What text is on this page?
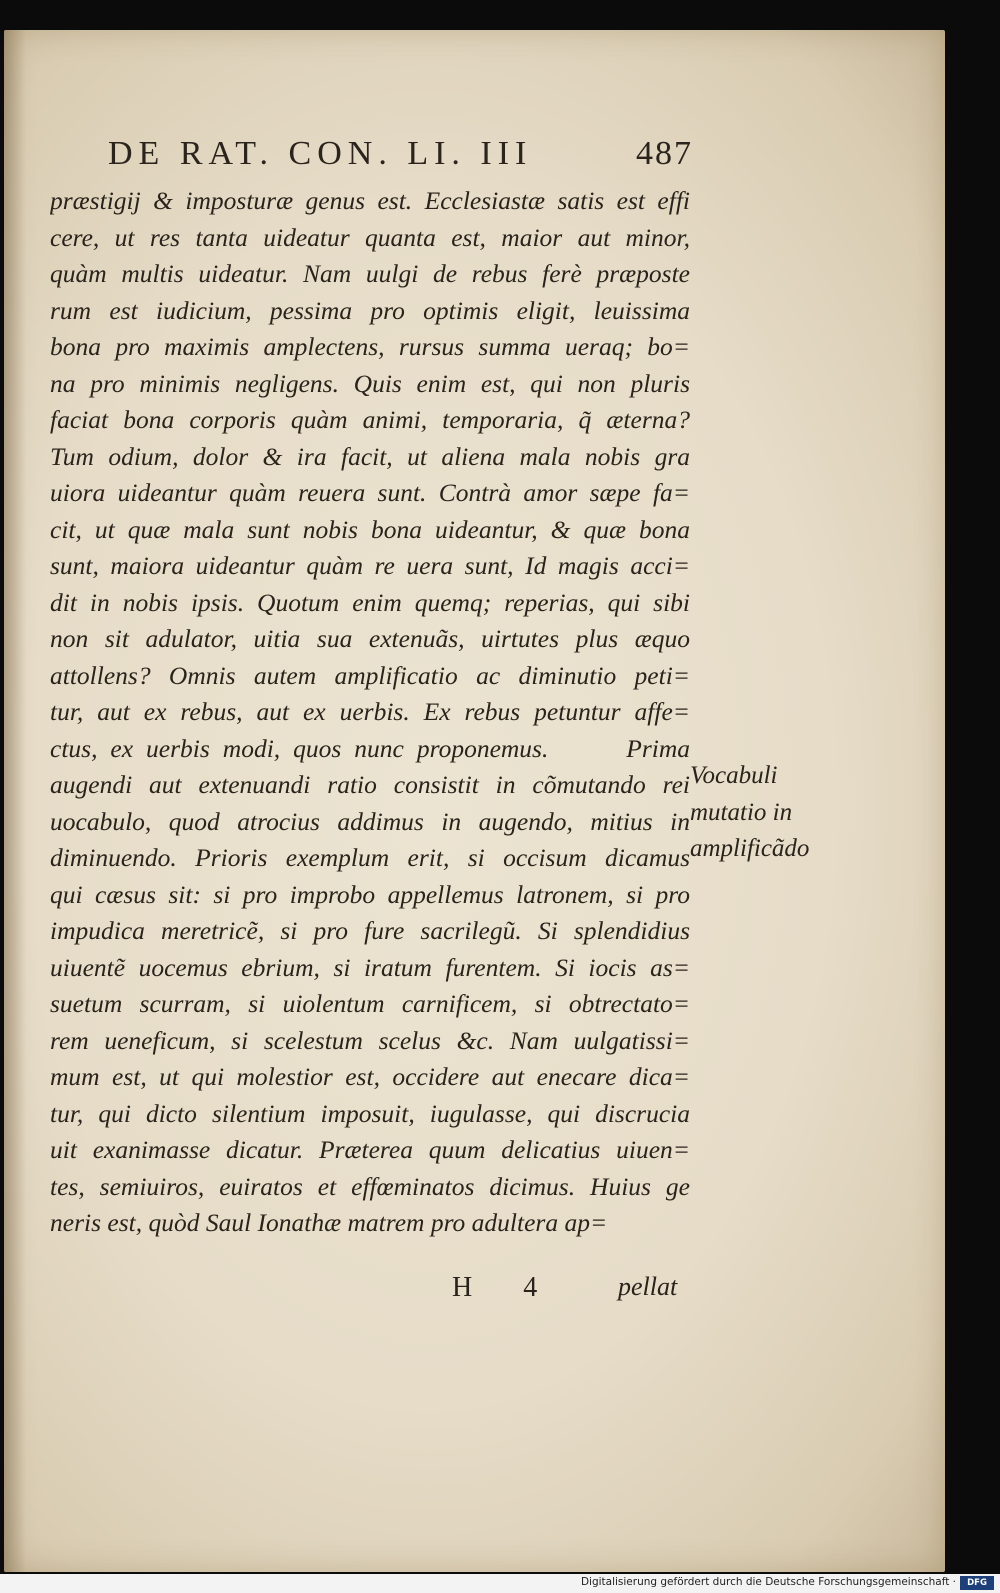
DE RAT. CON. LI. III	487
præstigij & imposturæ genus est. Ecclesiastæ satis est effi
cere, ut res tanta uideatur quanta est, maior aut minor,
quàm multis uideatur. Nam uulgi de rebus ferè præposte
rum est iudicium, pessima pro optimis eligit, leuissima
bona pro maximis amplectens, rursus summa ueraq; bo=
na pro minimis negligens. Quis enim est, qui non pluris
faciat bona corporis quàm animi, temporaria, q̃ æterna?
Tum odium, dolor & ira facit, ut aliena mala nobis gra
uiora uideantur quàm reuera sunt. Contrà amor sæpe fa=
cit, ut quæ mala sunt nobis bona uideantur, & quæ bona
sunt, maiora uideantur quàm re uera sunt, Id magis acci=
dit in nobis ipsis. Quotum enim quemq; reperias, qui sibi
non sit adulator, uitia sua extenuãs, uirtutes plus æquo
attollens? Omnis autem amplificatio ac diminutio peti=
tur, aut ex rebus, aut ex uerbis. Ex rebus petuntur affe=
ctus, ex uerbis modi, quos nunc proponemus.      Prima
augendi aut extenuandi ratio consistit in cõmutando rei
uocabulo, quod atrocius addimus in augendo, mitius in
diminuendo. Prioris exemplum erit, si occisum dicamus
qui cæsus sit: si pro improbo appellemus latronem, si pro
impudica meretricẽ, si pro fure sacrilegũ. Si splendidius
uiuentẽ uocemus ebrium, si iratum furentem. Si iocis as=
suetum scurram, si uiolentum carnificem, si obtrectato=
rem ueneficum, si scelestum scelus &c. Nam uulgatissi=
mum est, ut qui molestior est, occidere aut enecare dica=
tur, qui dicto silentium imposuit, iugulasse, qui discrucia
uit exanimasse dicatur. Præterea quum delicatius uiuen=
tes, semiuiros, euiratos et effœminatos dicimus. Huius ge
neris est, quòd Saul Ionathæ matrem pro adultera ap=
Vocabuli
mutatio in
amplificãdo
H 4 pellat
Digitalisierung gefördert durch die Deutsche Forschungsgemeinschaft ·	DFG
